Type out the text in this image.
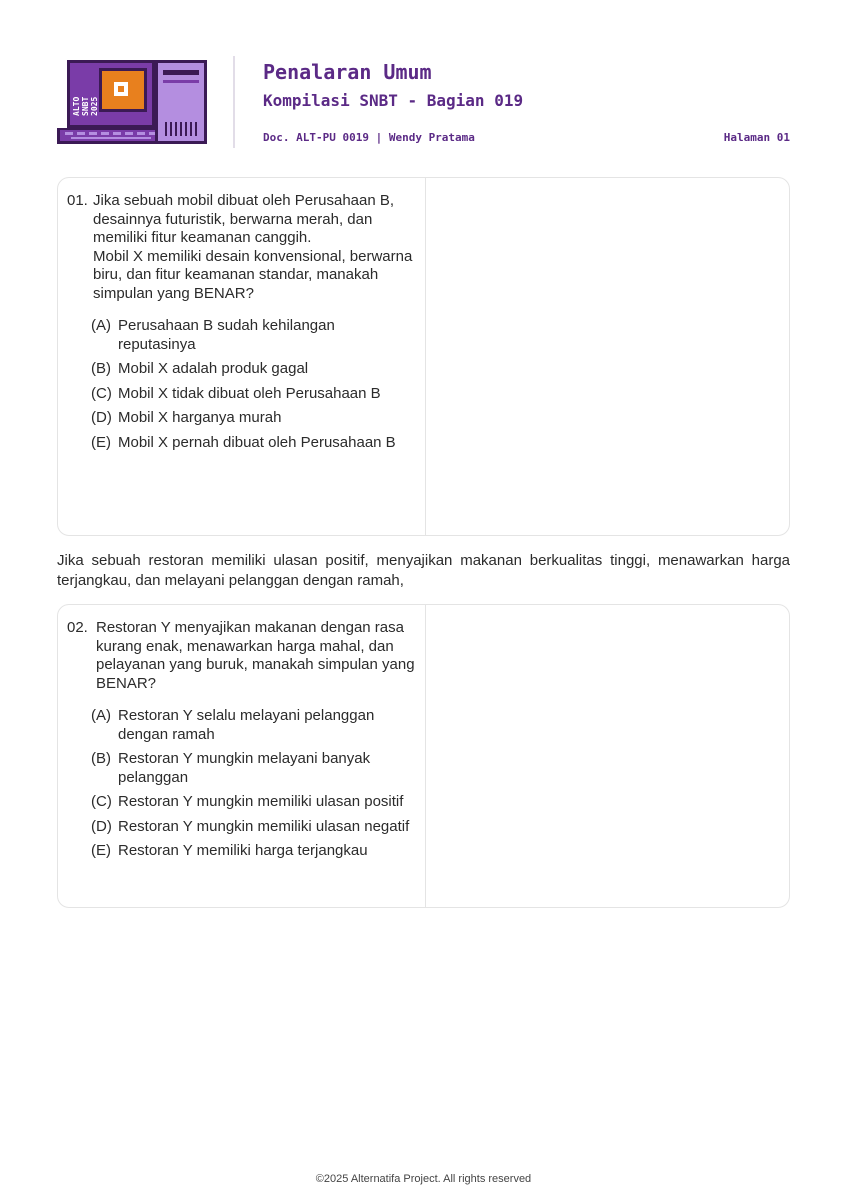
ALTO SNBT 2025
Penalaran Umum
Kompilasi SNBT - Bagian 019
Doc. ALT-PU 0019 | Wendy Pratama	Halaman 01
01. Jika sebuah mobil dibuat oleh Perusahaan B, desainnya futuristik, berwarna merah, dan memiliki fitur keamanan canggih.

Mobil X memiliki desain konvensional, berwarna biru, dan fitur keamanan standar, manakah simpulan yang BENAR?

(A) Perusahaan B sudah kehilangan reputasinya
(B) Mobil X adalah produk gagal
(C) Mobil X tidak dibuat oleh Perusahaan B
(D) Mobil X harganya murah
(E) Mobil X pernah dibuat oleh Perusahaan B
Jika sebuah restoran memiliki ulasan positif, menyajikan makanan berkualitas tinggi, menawarkan harga terjangkau, dan melayani pelanggan dengan ramah,
02. Restoran Y menyajikan makanan dengan rasa kurang enak, menawarkan harga mahal, dan pelayanan yang buruk, manakah simpulan yang BENAR?

(A) Restoran Y selalu melayani pelanggan dengan ramah
(B) Restoran Y mungkin melayani banyak pelanggan
(C) Restoran Y mungkin memiliki ulasan positif
(D) Restoran Y mungkin memiliki ulasan negatif
(E) Restoran Y memiliki harga terjangkau
©2025 Alternatifa Project. All rights reserved
